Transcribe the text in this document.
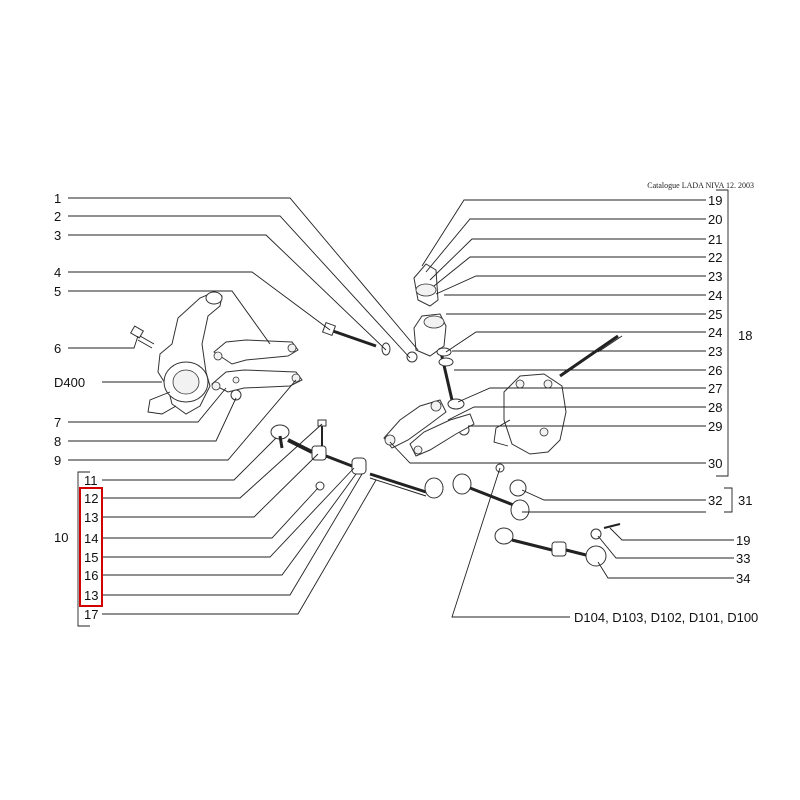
Catalogue LADA NIVA 12. 2003
1
2
3
4
5
6
D400
7
8
9
10
11
12
13
14
15
16
13
17
19
20
21
22
23
24
25
24
23
26
27
28
29
30
18
32 31
19
33
34
D104, D103, D102, D101, D100
